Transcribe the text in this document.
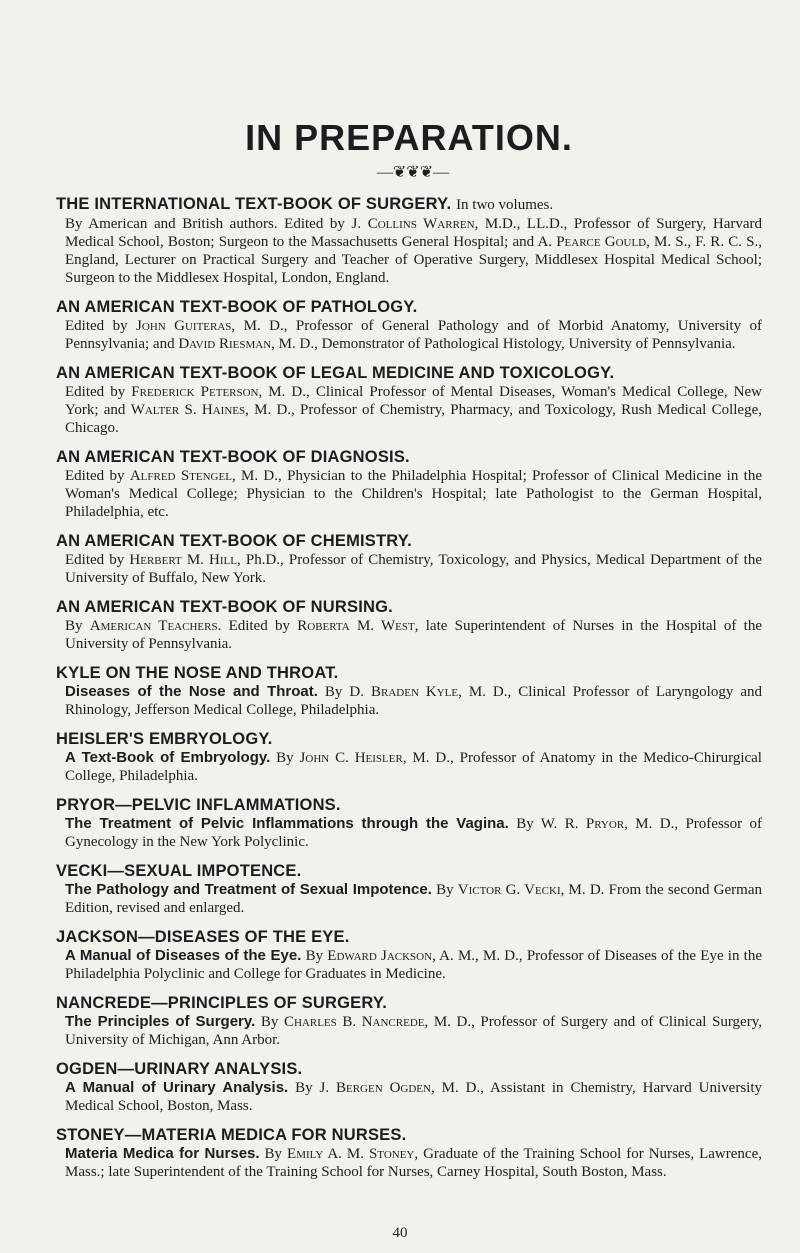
IN PREPARATION.
—❦❦❦—
THE INTERNATIONAL TEXT-BOOK OF SURGERY. In two volumes.

By American and British authors. Edited by J. Collins Warren, M.D., LL.D., Professor of Surgery, Harvard Medical School, Boston; Surgeon to the Massachusetts General Hospital; and A. Pearce Gould, M. S., F. R. C. S., England, Lecturer on Practical Surgery and Teacher of Operative Surgery, Middlesex Hospital Medical School; Surgeon to the Middlesex Hospital, London, England.

AN AMERICAN TEXT-BOOK OF PATHOLOGY.

Edited by John Guiteras, M. D., Professor of General Pathology and of Morbid Anatomy, University of Pennsylvania; and David Riesman, M. D., Demonstrator of Pathological Histology, University of Pennsylvania.

AN AMERICAN TEXT-BOOK OF LEGAL MEDICINE AND TOXICOLOGY.

Edited by Frederick Peterson, M. D., Clinical Professor of Mental Diseases, Woman's Medical College, New York; and Walter S. Haines, M. D., Professor of Chemistry, Pharmacy, and Toxicology, Rush Medical College, Chicago.

AN AMERICAN TEXT-BOOK OF DIAGNOSIS.

Edited by Alfred Stengel, M. D., Physician to the Philadelphia Hospital; Professor of Clinical Medicine in the Woman's Medical College; Physician to the Children's Hospital; late Pathologist to the German Hospital, Philadelphia, etc.

AN AMERICAN TEXT-BOOK OF CHEMISTRY.

Edited by Herbert M. Hill, Ph.D., Professor of Chemistry, Toxicology, and Physics, Medical Department of the University of Buffalo, New York.

AN AMERICAN TEXT-BOOK OF NURSING.

By American Teachers. Edited by Roberta M. West, late Superintendent of Nurses in the Hospital of the University of Pennsylvania.

KYLE ON THE NOSE AND THROAT.

Diseases of the Nose and Throat. By D. Braden Kyle, M. D., Clinical Professor of Laryngology and Rhinology, Jefferson Medical College, Philadelphia.

HEISLER'S EMBRYOLOGY.

A Text-Book of Embryology. By John C. Heisler, M. D., Professor of Anatomy in the Medico-Chirurgical College, Philadelphia.

PRYOR—PELVIC INFLAMMATIONS.

The Treatment of Pelvic Inflammations through the Vagina. By W. R. Pryor, M. D., Professor of Gynecology in the New York Polyclinic.

VECKI—SEXUAL IMPOTENCE.

The Pathology and Treatment of Sexual Impotence. By Victor G. Vecki, M. D. From the second German Edition, revised and enlarged.

JACKSON—DISEASES OF THE EYE.

A Manual of Diseases of the Eye. By Edward Jackson, A. M., M. D., Professor of Diseases of the Eye in the Philadelphia Polyclinic and College for Graduates in Medicine.

NANCREDE—PRINCIPLES OF SURGERY.

The Principles of Surgery. By Charles B. Nancrede, M. D., Professor of Surgery and of Clinical Surgery, University of Michigan, Ann Arbor.

OGDEN—URINARY ANALYSIS.

A Manual of Urinary Analysis. By J. Bergen Ogden, M. D., Assistant in Chemistry, Harvard University Medical School, Boston, Mass.

STONEY—MATERIA MEDICA FOR NURSES.

Materia Medica for Nurses. By Emily A. M. Stoney, Graduate of the Training School for Nurses, Lawrence, Mass.; late Superintendent of the Training School for Nurses, Carney Hospital, South Boston, Mass.

40
